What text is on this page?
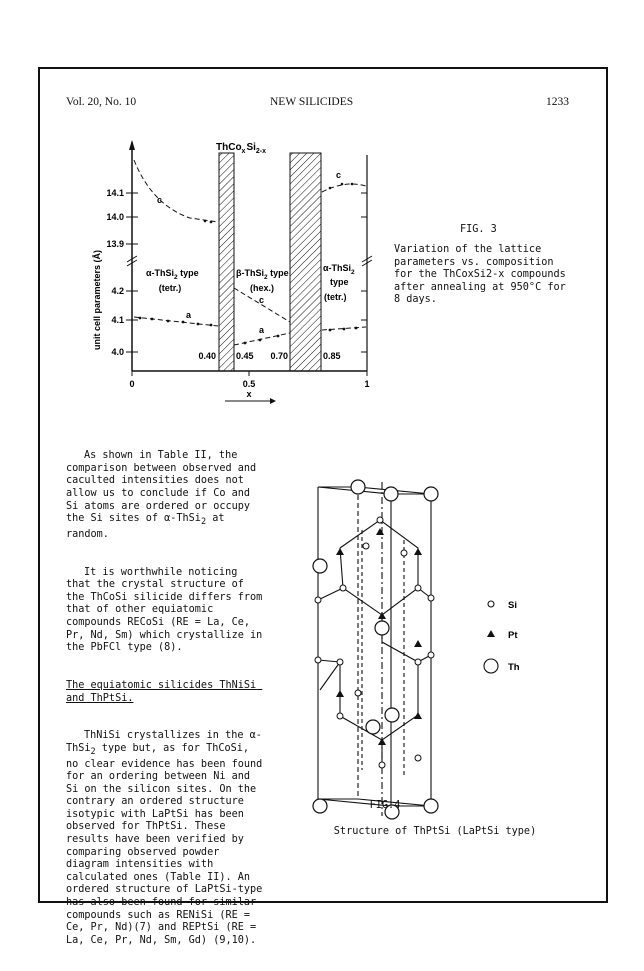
Vol. 20, No. 10	NEW SILICIDES	1233
14.1
14.0
13.9
4.2
4.1
4.0
unit cell parameters (Å)
0	0.5	1
x
0.40 0.45 0.70	0.85
$ThCo_xSi_{2-x}$
α-ThSi$_2$ type
(tetr.)
β-ThSi$_2$ type
(hex.)
α-ThSi$_2$
type
(tetr.)
c
c
c
a
a
FIG. 3
Variation of the lattice
parameters vs. composition
for the ThCoxSi2-x compounds
after annealing at 950°C for
8 days.

As shown in Table II, the comparison between observed and caculted intensities does not allow us to conclude if Co and Si atoms are ordered or occupy the Si sites of α-ThSi$_2$ at random.

It is worthwhile noticing that the crystal structure of the ThCoSi silicide differs from that of other equiatomic compounds RECoSi (RE = La, Ce, Pr, Nd, Sm) which crystallize in the PbFCl type (8).

The equiatomic silicides ThNiSi and ThPtSi.

ThNiSi crystallizes in the α-ThSi$_2$ type but, as for ThCoSi, no clear evidence has been found for an ordering between Ni and Si on the silicon sites. On the contrary an ordered structure isotypic with LaPtSi has been observed for ThPtSi. These results have been verified by comparing observed powder diagram intensities with calculated ones (Table II). An ordered structure of LaPtSi-type has also been found for similar compounds such as RENiSi (RE = Ce, Pr, Nd)(7) and REPtSi (RE = La, Ce, Pr, Nd, Sm, Gd) (9,10).

Si
Pt
Th
FIG.4
Structure of ThPtSi (LaPtSi type)
